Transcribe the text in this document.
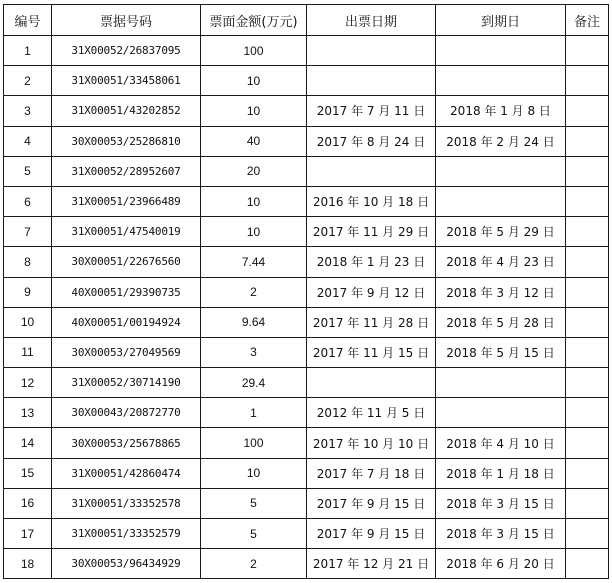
编号	票据号码	票面金额(万元)	出票日期	到期日	备注
1	31X00052/26837095	100			
2	31X00051/33458061	10			
3	31X00051/43202852	10	2017 年 7 月 11 日	2018 年 1 月 8 日	
4	30X00053/25286810	40	2017 年 8 月 24 日	2018 年 2 月 24 日	
5	31X00052/28952607	20			
6	31X00051/23966489	10	2016 年 10 月 18 日		
7	31X00051/47540019	10	2017 年 11 月 29 日	2018 年 5 月 29 日	
8	30X00051/22676560	7.44	2018 年 1 月 23 日	2018 年 4 月 23 日	
9	40X00051/29390735	2	2017 年 9 月 12 日	2018 年 3 月 12 日	
10	40X00051/00194924	9.64	2017 年 11 月 28 日	2018 年 5 月 28 日	
11	30X00053/27049569	3	2017 年 11 月 15 日	2018 年 5 月 15 日	
12	31X00052/30714190	29.4			
13	30X00043/20872770	1	2012 年 11 月 5 日		
14	30X00053/25678865	100	2017 年 10 月 10 日	2018 年 4 月 10 日	
15	31X00051/42860474	10	2017 年 7 月 18 日	2018 年 1 月 18 日	
16	31X00051/33352578	5	2017 年 9 月 15 日	2018 年 3 月 15 日	
17	31X00051/33352579	5	2017 年 9 月 15 日	2018 年 3 月 15 日	
18	30X00053/96434929	2	2017 年 12 月 21 日	2018 年 6 月 20 日	
